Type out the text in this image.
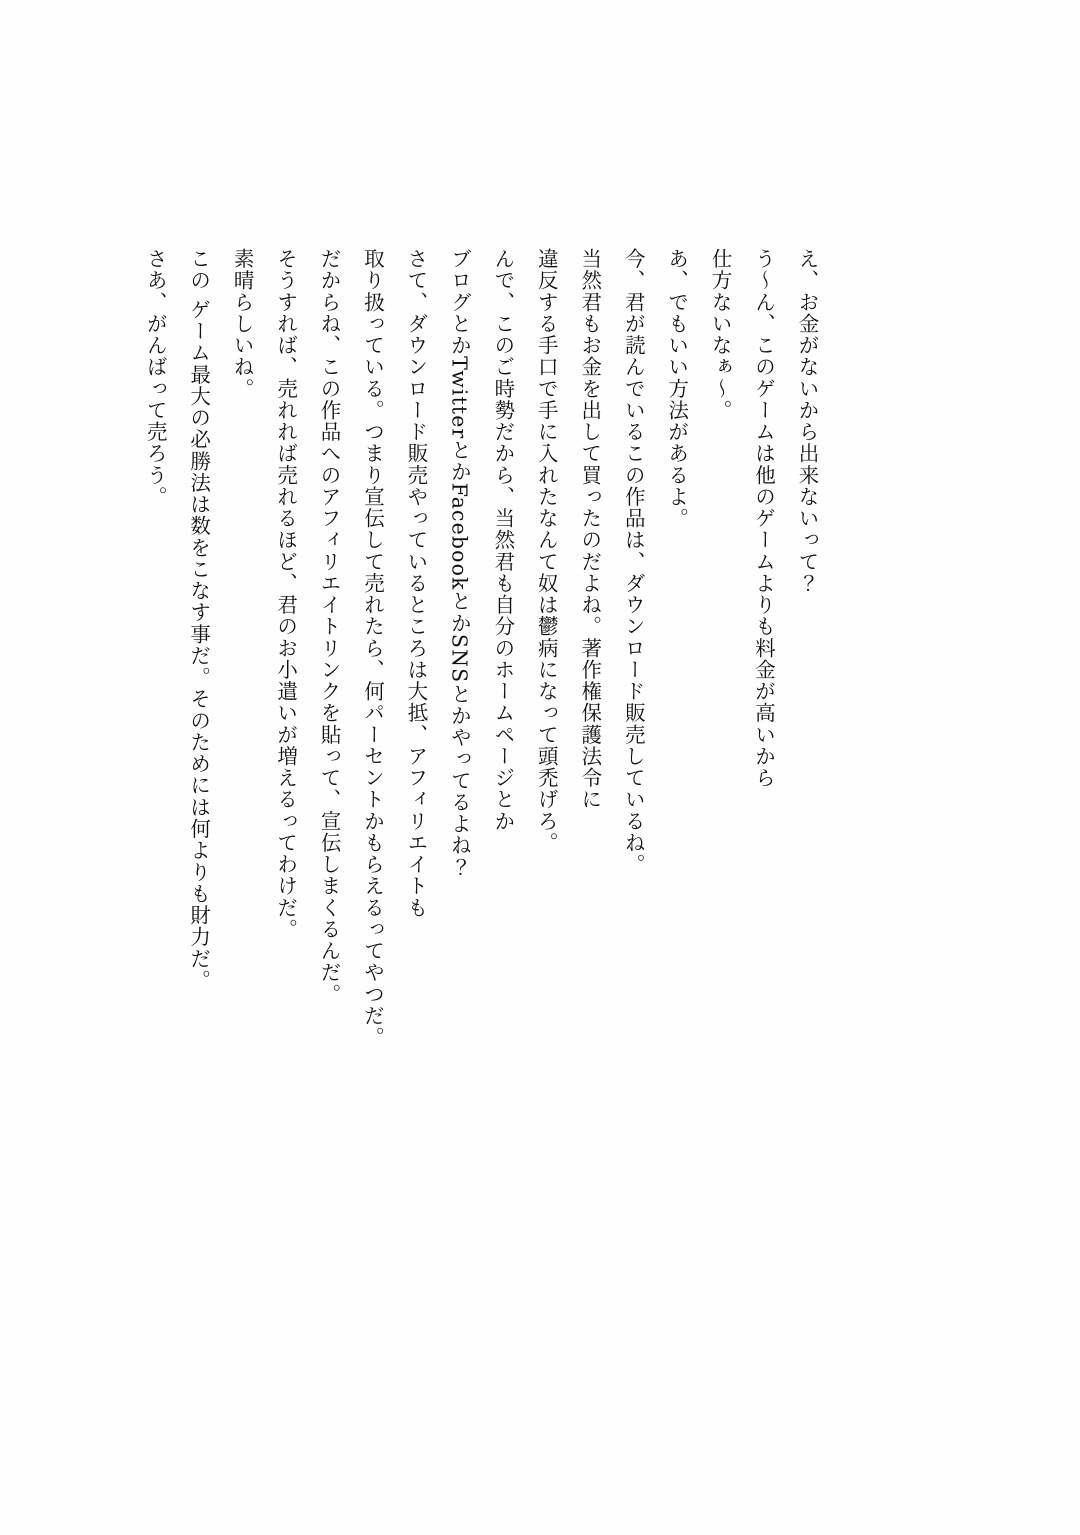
え、お金がないから出来ないって？
う〜ん、このゲームは他のゲームよりも料金が高いから
仕方ないなぁ〜。
あ、でもいい方法があるよ。
今、君が読んでいるこの作品は、ダウンロード販売しているね。
当然君もお金を出して買ったのだよね。著作権保護法令に
違反する手口で手に入れたなんて奴は鬱病になって頭禿げろ。
んで、このご時勢だから、当然君も自分のホームページとか
ブログとかTwitterとかFacebookとかSNSとかやってるよね？
さて、ダウンロード販売やっているところは大抵、アフィリエイトも
取り扱っている。つまり宣伝して売れたら、何パーセントかもらえるってやつだ。
だからね、この作品へのアフィリエイトリンクを貼って、宣伝しまくるんだ。
そうすれば、売れれば売れるほど、君のお小遣いが増えるってわけだ。
素晴らしいね。
この ゲーム最大の必勝法は数をこなす事だ。そのためには何よりも財力だ。
さあ、がんばって売ろう。
